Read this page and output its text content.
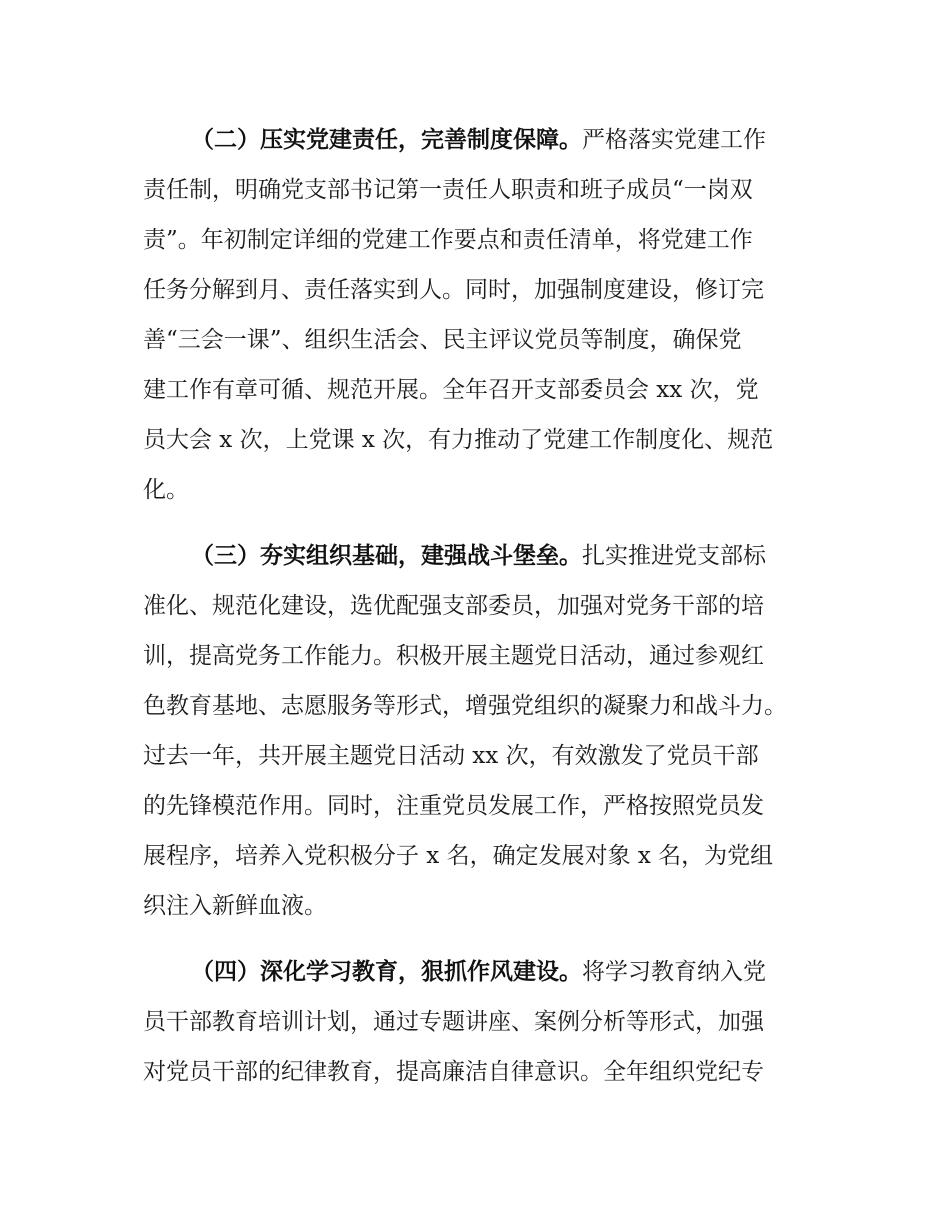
（二）压实党建责任，完善制度保障。严格落实党建工作

责任制，明确党支部书记第一责任人职责和班子成员“一岗双

责”。年初制定详细的党建工作要点和责任清单，将党建工作

任务分解到月、责任落实到人。同时，加强制度建设，修订完

善“三会一课”、组织生活会、民主评议党员等制度，确保党

建工作有章可循、规范开展。全年召开支部委员会 xx 次，党

员大会 x 次，上党课 x 次，有力推动了党建工作制度化、规范

化。

（三）夯实组织基础，建强战斗堡垒。扎实推进党支部标

准化、规范化建设，选优配强支部委员，加强对党务干部的培

训，提高党务工作能力。积极开展主题党日活动，通过参观红

色教育基地、志愿服务等形式，增强党组织的凝聚力和战斗力。

过去一年，共开展主题党日活动 xx 次，有效激发了党员干部

的先锋模范作用。同时，注重党员发展工作，严格按照党员发

展程序，培养入党积极分子 x 名，确定发展对象 x 名，为党组

织注入新鲜血液。

（四）深化学习教育，狠抓作风建设。将学习教育纳入党

员干部教育培训计划，通过专题讲座、案例分析等形式，加强

对党员干部的纪律教育，提高廉洁自律意识。全年组织党纪专
